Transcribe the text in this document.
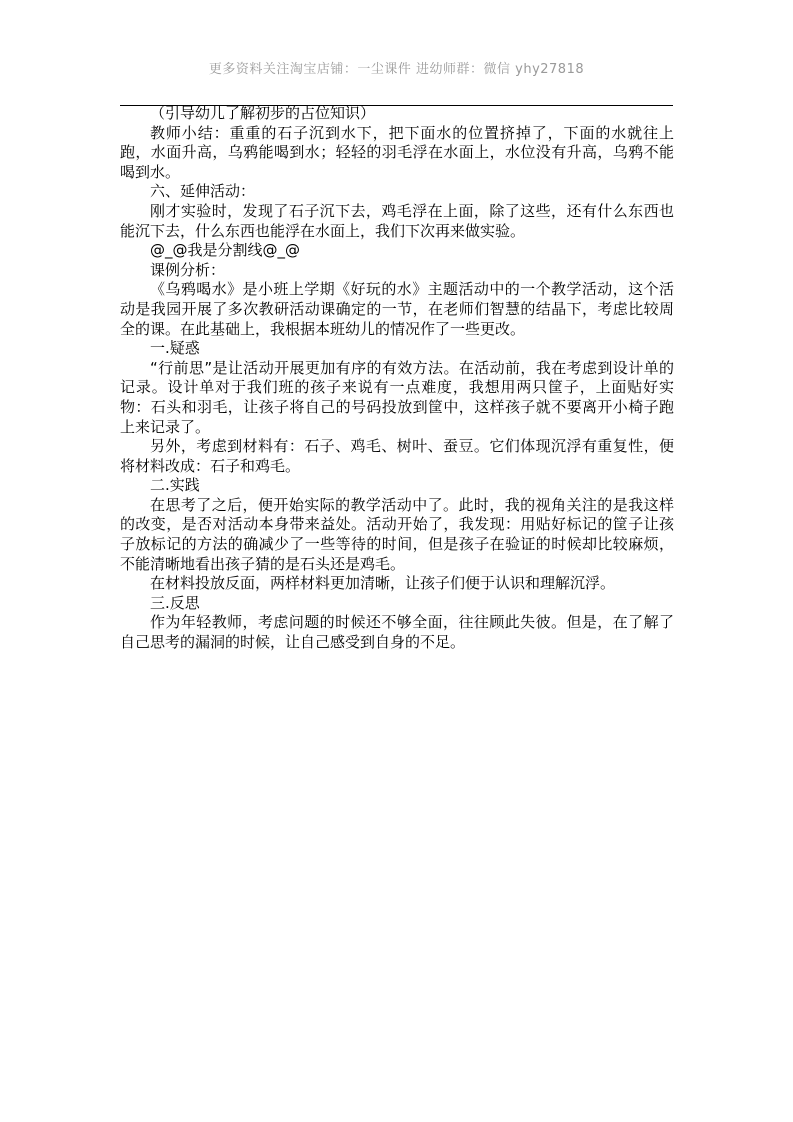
更多资料关注淘宝店铺：一尘课件 进幼师群：微信 yhy27818

（引导幼儿了解初步的占位知识）

教师小结：重重的石子沉到水下，把下面水的位置挤掉了，下面的水就往上跑，水面升高，乌鸦能喝到水；轻轻的羽毛浮在水面上，水位没有升高，乌鸦不能喝到水。

六、延伸活动：

刚才实验时，发现了石子沉下去，鸡毛浮在上面，除了这些，还有什么东西也能沉下去，什么东西也能浮在水面上，我们下次再来做实验。

@_@我是分割线@_@

课例分析：

《乌鸦喝水》是小班上学期《好玩的水》主题活动中的一个教学活动，这个活动是我园开展了多次教研活动课确定的一节，在老师们智慧的结晶下，考虑比较周全的课。在此基础上，我根据本班幼儿的情况作了一些更改。

一.疑惑

“行前思”是让活动开展更加有序的有效方法。在活动前，我在考虑到设计单的记录。设计单对于我们班的孩子来说有一点难度，我想用两只筐子，上面贴好实物：石头和羽毛，让孩子将自己的号码投放到筐中，这样孩子就不要离开小椅子跑上来记录了。

另外，考虑到材料有：石子、鸡毛、树叶、蚕豆。它们体现沉浮有重复性，便将材料改成：石子和鸡毛。

二.实践

在思考了之后，便开始实际的教学活动中了。此时，我的视角关注的是我这样的改变，是否对活动本身带来益处。活动开始了，我发现：用贴好标记的筐子让孩子放标记的方法的确减少了一些等待的时间，但是孩子在验证的时候却比较麻烦，不能清晰地看出孩子猜的是石头还是鸡毛。

在材料投放反面，两样材料更加清晰，让孩子们便于认识和理解沉浮。

三.反思

作为年轻教师，考虑问题的时候还不够全面，往往顾此失彼。但是，在了解了自己思考的漏洞的时候，让自己感受到自身的不足。
